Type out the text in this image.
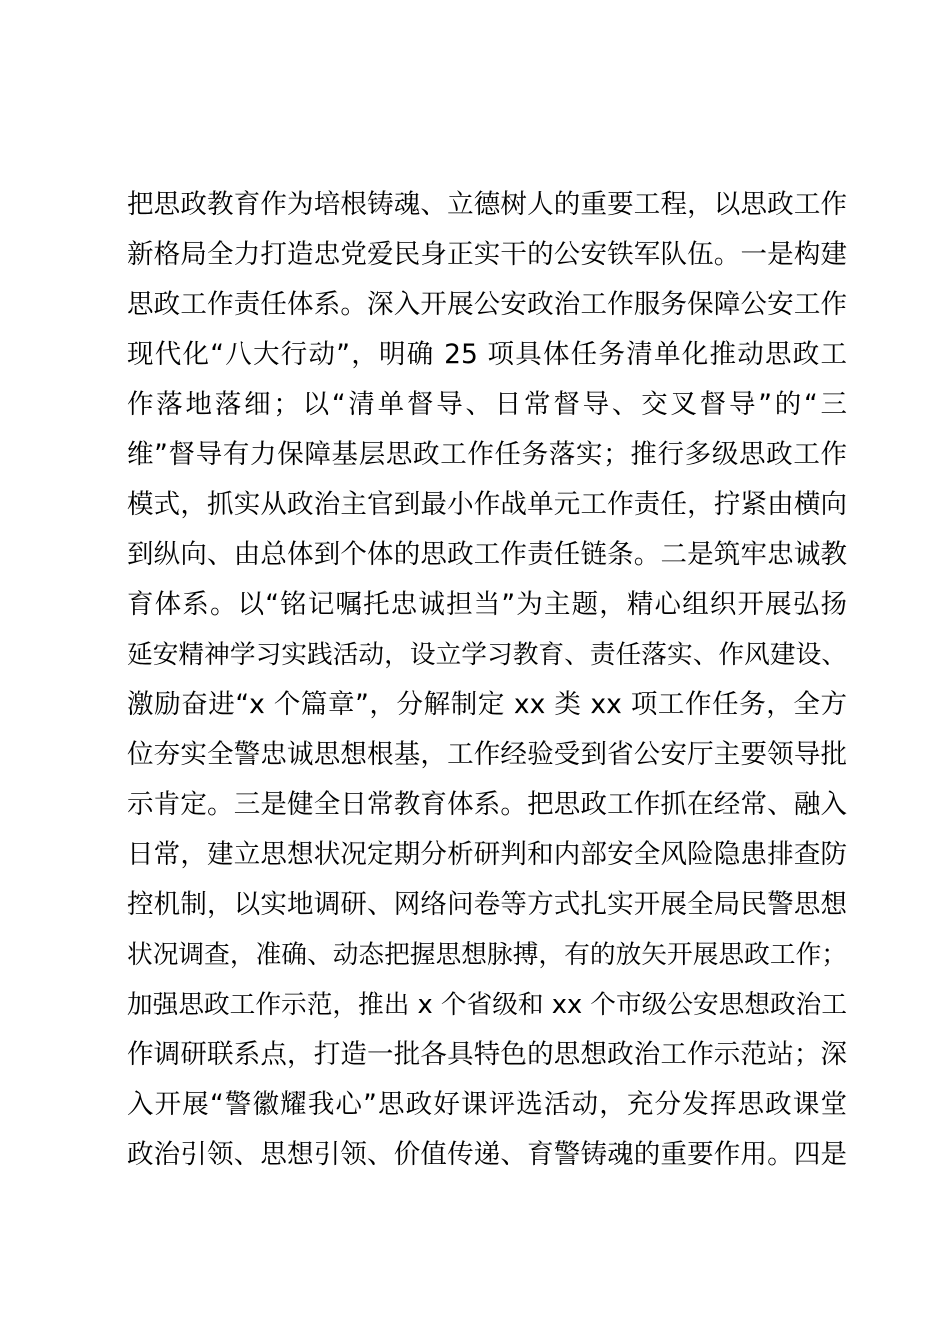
把思政教育作为培根铸魂、立德树人的重要工程，以思政工作
新格局全力打造忠党爱民身正实干的公安铁军队伍。一是构建
思政工作责任体系。深入开展公安政治工作服务保障公安工作
现代化“八大行动”，明确 25 项具体任务清单化推动思政工
作落地落细；以“清单督导、日常督导、交叉督导”的“三
维”督导有力保障基层思政工作任务落实；推行多级思政工作
模式，抓实从政治主官到最小作战单元工作责任，拧紧由横向
到纵向、由总体到个体的思政工作责任链条。二是筑牢忠诚教
育体系。以“铭记嘱托忠诚担当”为主题，精心组织开展弘扬
延安精神学习实践活动，设立学习教育、责任落实、作风建设、
激励奋进“x 个篇章”，分解制定 xx 类 xx 项工作任务，全方
位夯实全警忠诚思想根基，工作经验受到省公安厅主要领导批
示肯定。三是健全日常教育体系。把思政工作抓在经常、融入
日常，建立思想状况定期分析研判和内部安全风险隐患排查防
控机制，以实地调研、网络问卷等方式扎实开展全局民警思想
状况调查，准确、动态把握思想脉搏，有的放矢开展思政工作；
加强思政工作示范，推出 x 个省级和 xx 个市级公安思想政治工
作调研联系点，打造一批各具特色的思想政治工作示范站；深
入开展“警徽耀我心”思政好课评选活动，充分发挥思政课堂
政治引领、思想引领、价值传递、育警铸魂的重要作用。四是
